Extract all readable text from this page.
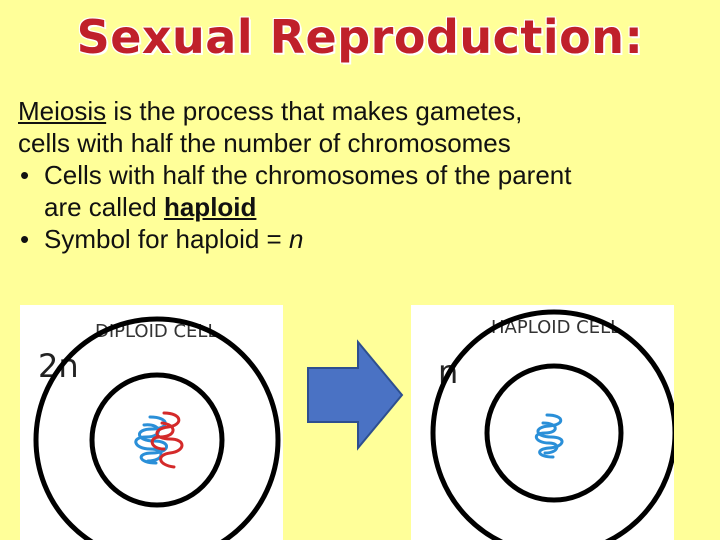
Sexual Reproduction:
Meiosis is the process that makes gametes,
cells with half the number of chromosomes
• Cells with half the chromosomes of the parent
are called haploid
• Symbol for haploid = n
DIPLOID CELL
2n
HAPLOID CELL
n
